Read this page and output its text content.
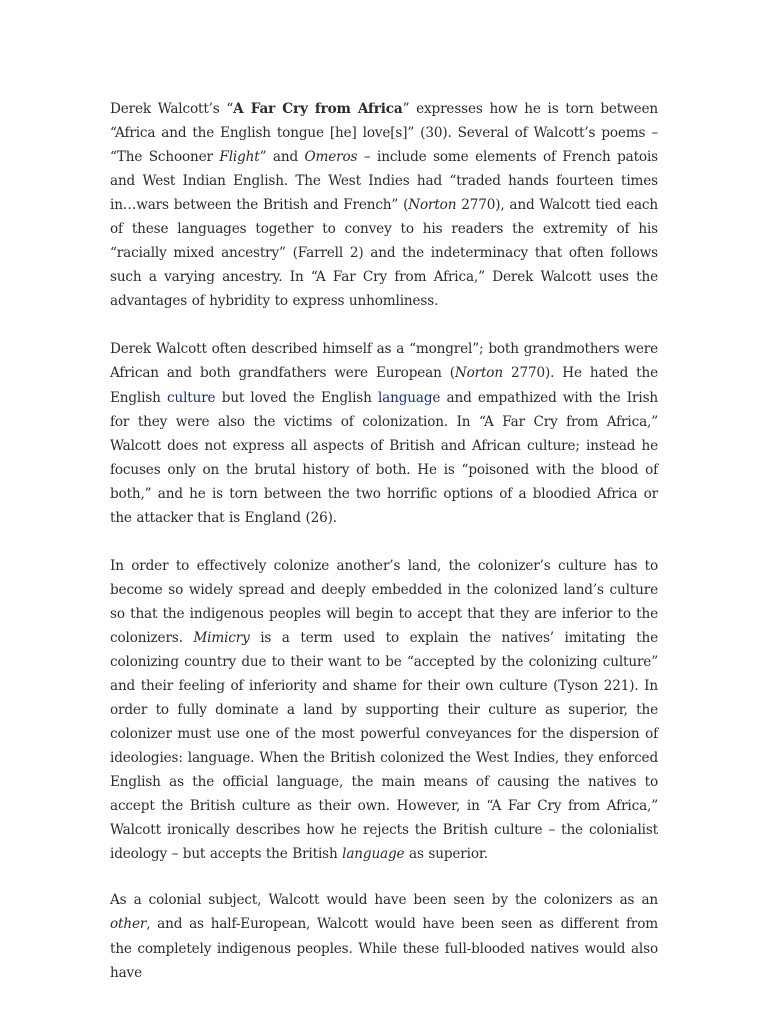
Derek Walcott’s “A Far Cry from Africa” expresses how he is torn between “Africa and the English tongue [he] love[s]” (30). Several of Walcott’s poems – “The Schooner Flight” and Omeros – include some elements of French patois and West Indian English. The West Indies had “traded hands fourteen times in…wars between the British and French” (Norton 2770), and Walcott tied each of these languages together to convey to his readers the extremity of his “racially mixed ancestry” (Farrell 2) and the indeterminacy that often follows such a varying ancestry. In “A Far Cry from Africa,” Derek Walcott uses the advantages of hybridity to express unhomliness.

Derek Walcott often described himself as a “mongrel”; both grandmothers were African and both grandfathers were European (Norton 2770). He hated the English culture but loved the English language and empathized with the Irish for they were also the victims of colonization. In “A Far Cry from Africa,” Walcott does not express all aspects of British and African culture; instead he focuses only on the brutal history of both. He is “poisoned with the blood of both,” and he is torn between the two horrific options of a bloodied Africa or the attacker that is England (26).

In order to effectively colonize another’s land, the colonizer’s culture has to become so widely spread and deeply embedded in the colonized land’s culture so that the indigenous peoples will begin to accept that they are inferior to the colonizers. Mimicry is a term used to explain the natives’ imitating the colonizing country due to their want to be “accepted by the colonizing culture” and their feeling of inferiority and shame for their own culture (Tyson 221). In order to fully dominate a land by supporting their culture as superior, the colonizer must use one of the most powerful conveyances for the dispersion of ideologies: language. When the British colonized the West Indies, they enforced English as the official language, the main means of causing the natives to accept the British culture as their own. However, in “A Far Cry from Africa,” Walcott ironically describes how he rejects the British culture – the colonialist ideology – but accepts the British language as superior.

As a colonial subject, Walcott would have been seen by the colonizers as an other, and as half-European, Walcott would have been seen as different from the completely indigenous peoples. While these full-blooded natives would also have
